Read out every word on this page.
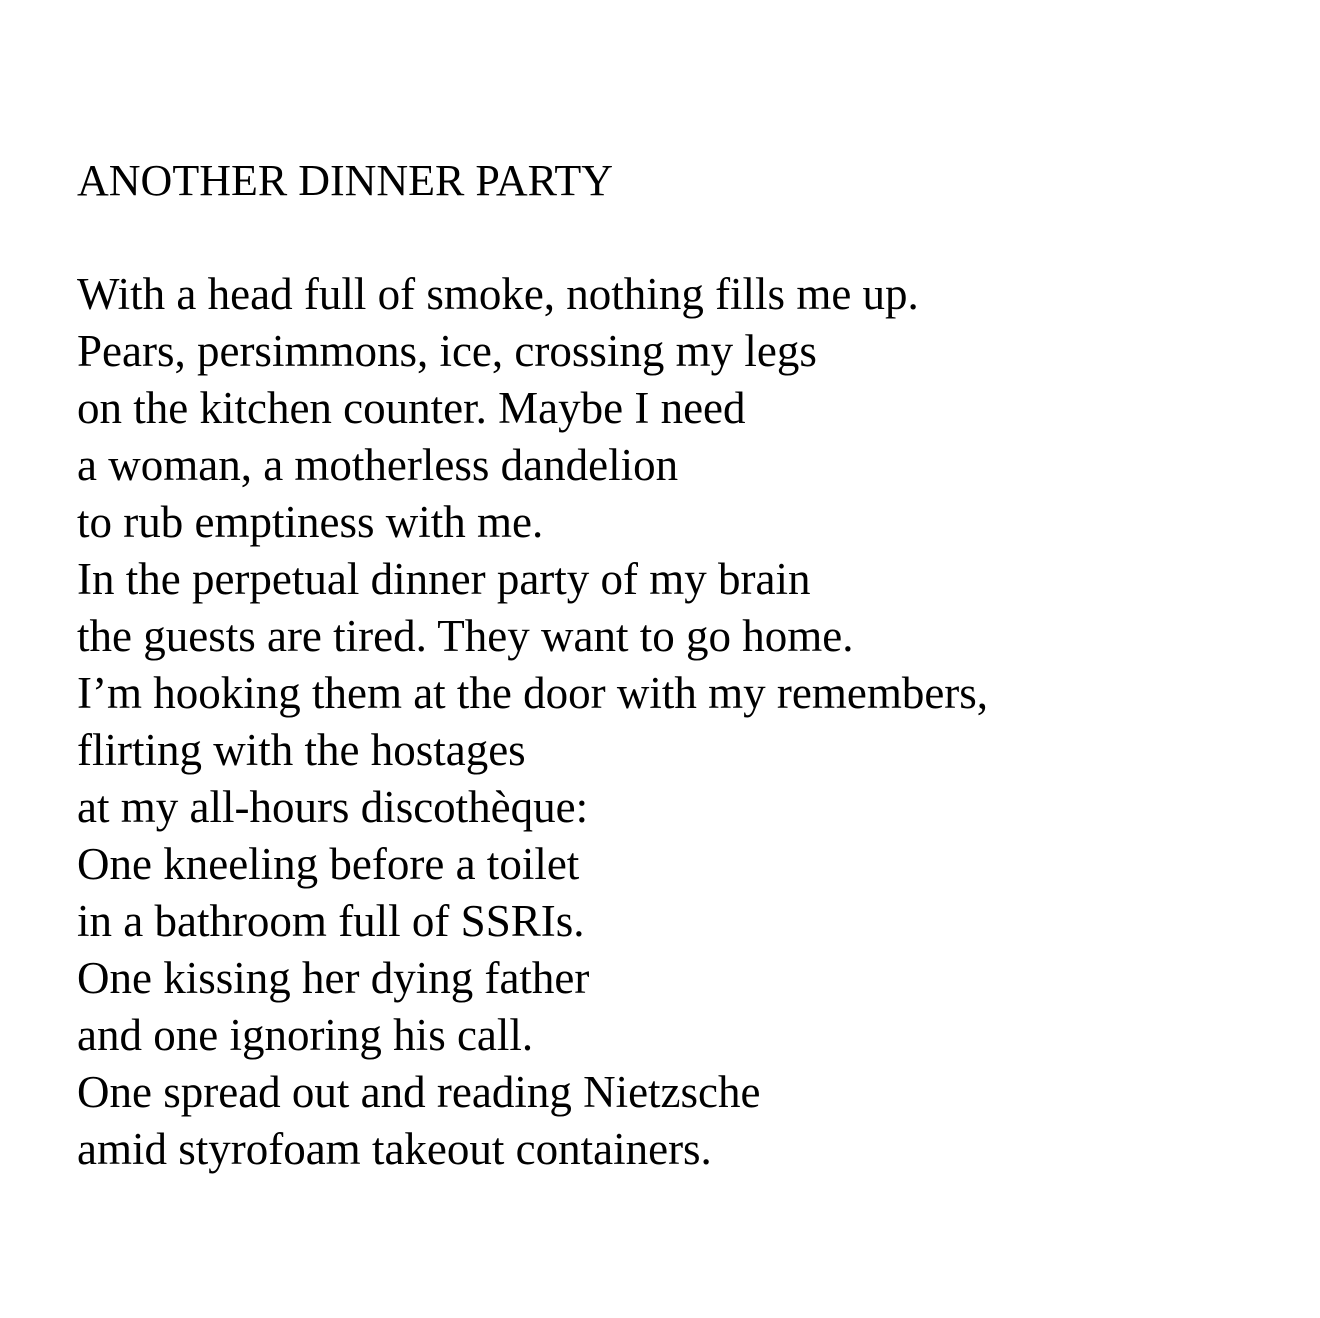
ANOTHER DINNER PARTY
With a head full of smoke, nothing fills me up.
Pears, persimmons, ice, crossing my legs
on the kitchen counter. Maybe I need
a woman, a motherless dandelion
to rub emptiness with me.
In the perpetual dinner party of my brain
the guests are tired. They want to go home.
I’m hooking them at the door with my remembers,
flirting with the hostages
at my all-hours discothèque:
One kneeling before a toilet
in a bathroom full of SSRIs.
One kissing her dying father
and one ignoring his call.
One spread out and reading Nietzsche
amid styrofoam takeout containers.
